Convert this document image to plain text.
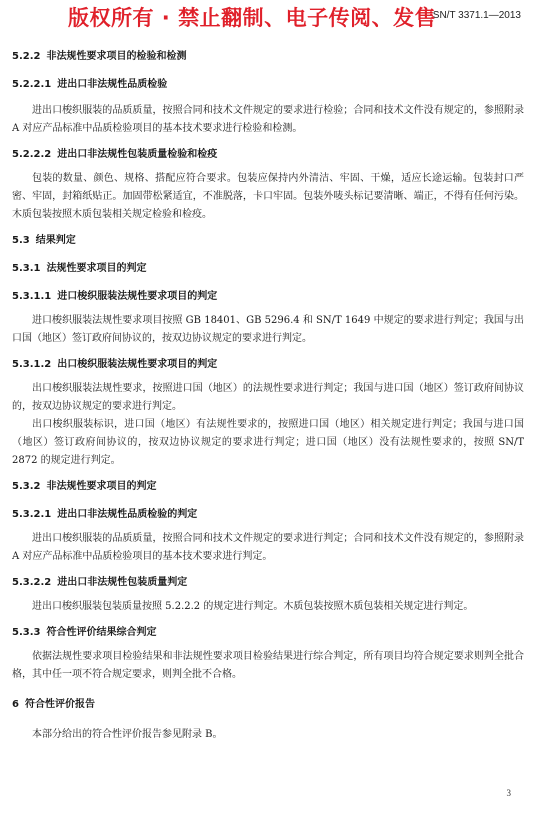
版权所有 · 禁止翻制、电子传阅、发售
SN/T 3371.1—2013
5.2.2 非法规性要求项目的检验和检测
5.2.2.1 进出口非法规性品质检验

进出口梭织服装的品质质量，按照合同和技术文件规定的要求进行检验；合同和技术文件没有规定的，参照附录 A 对应产品标准中品质检验项目的基本技术要求进行检验和检测。

5.2.2.2 进出口非法规性包装质量检验和检疫

包装的数量、颜色、规格、搭配应符合要求。包装应保持内外清洁、牢固、干燥，适应长途运输。包装封口严密、牢固，封箱纸贴正。加固带松紧适宜，不准脱落，卡口牢固。包装外唛头标记要清晰、端正，不得有任何污染。木质包装按照木质包装相关规定检验和检疫。

5.3 结果判定
5.3.1 法规性要求项目的判定
5.3.1.1 进口梭织服装法规性要求项目的判定

进口梭织服装法规性要求项目按照 GB 18401、GB 5296.4 和 SN/T 1649 中规定的要求进行判定；我国与出口国（地区）签订政府间协议的，按双边协议规定的要求进行判定。

5.3.1.2 出口梭织服装法规性要求项目的判定

出口梭织服装法规性要求，按照进口国（地区）的法规性要求进行判定；我国与进口国（地区）签订政府间协议的，按双边协议规定的要求进行判定。

出口梭织服装标识，进口国（地区）有法规性要求的，按照进口国（地区）相关规定进行判定；我国与进口国（地区）签订政府间协议的，按双边协议规定的要求进行判定；进口国（地区）没有法规性要求的，按照 SN/T 2872 的规定进行判定。

5.3.2 非法规性要求项目的判定
5.3.2.1 进出口非法规性品质检验的判定

进出口梭织服装的品质质量，按照合同和技术文件规定的要求进行判定；合同和技术文件没有规定的，参照附录 A 对应产品标准中品质检验项目的基本技术要求进行判定。

5.3.2.2 进出口非法规性包装质量判定

进出口梭织服装包装质量按照 5.2.2.2 的规定进行判定。木质包装按照木质包装相关规定进行判定。

5.3.3 符合性评价结果综合判定

依据法规性要求项目检验结果和非法规性要求项目检验结果进行综合判定，所有项目均符合规定要求则判全批合格，其中任一项不符合规定要求，则判全批不合格。

6 符合性评价报告

本部分给出的符合性评价报告参见附录 B。

3
